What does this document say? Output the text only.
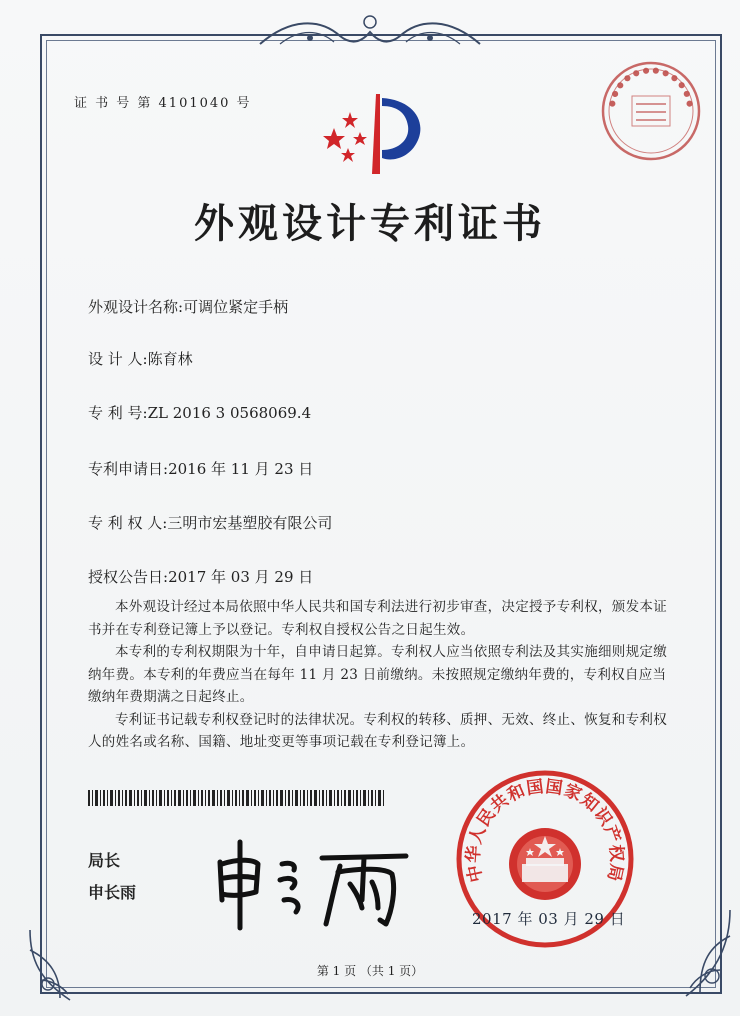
证 书 号 第 4101040 号	● ● ● ● ● ● ● ● ● ● ● ●
外观设计专利证书
外观设计名称:可调位紧定手柄
设 计 人:陈育林
专 利 号:ZL 2016 3 0568069.4
专利申请日:2016 年 11 月 23 日
专 利 权 人:三明市宏基塑胶有限公司
授权公告日:2017 年 03 月 29 日

本外观设计经过本局依照中华人民共和国专利法进行初步审查，决定授予专利权，颁发本证书并在专利登记簿上予以登记。专利权自授权公告之日起生效。

本专利的专利权期限为十年，自申请日起算。专利权人应当依照专利法及其实施细则规定缴纳年费。本专利的年费应当在每年 11 月 23 日前缴纳。未按照规定缴纳年费的，专利权自应当缴纳年费期满之日起终止。

专利证书记载专利权登记时的法律状况。专利权的转移、质押、无效、终止、恢复和专利权人的姓名或名称、国籍、地址变更等事项记载在专利登记簿上。

局长
申长雨
中华人民共和国国家知识产权局
2017 年 03 月 29 日
第 1 页 （共 1 页）
